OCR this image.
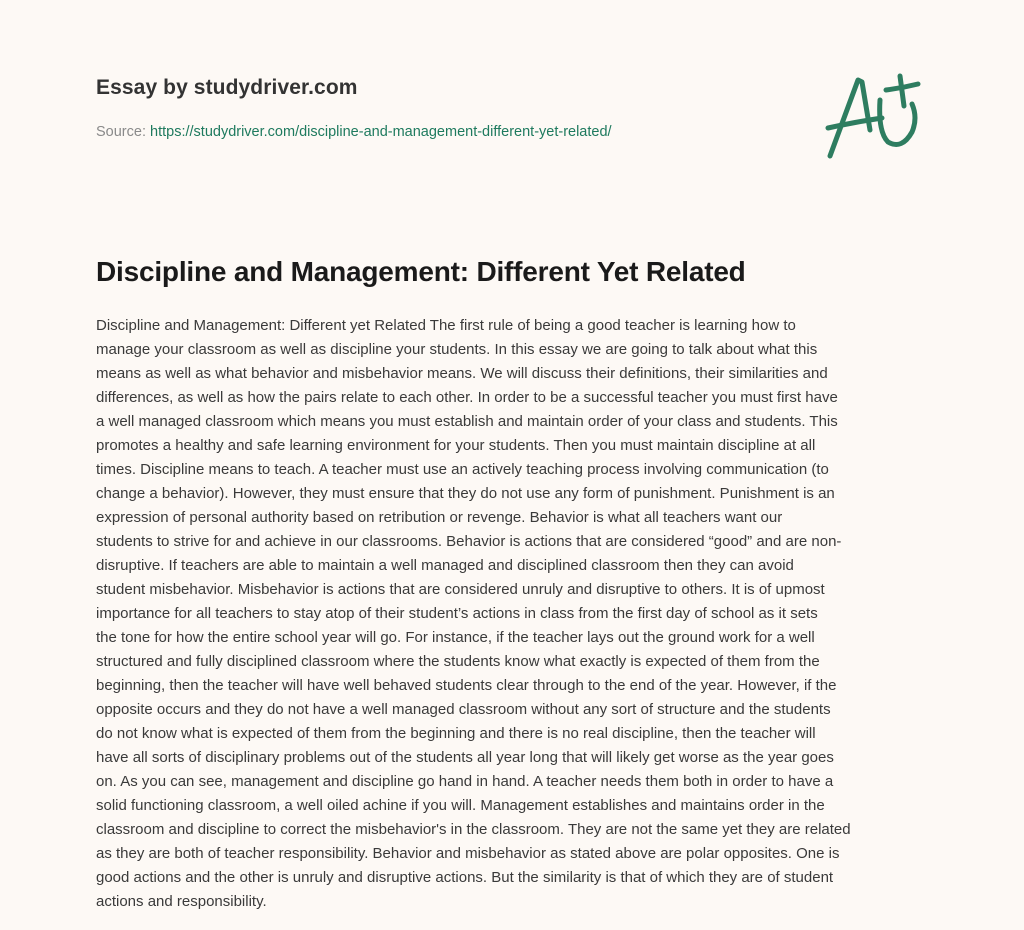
Essay by studydriver.com
Source: https://studydriver.com/discipline-and-management-different-yet-related/
Discipline and Management: Different Yet Related
Discipline and Management: Different yet Related The first rule of being a good teacher is learning how to
manage your classroom as well as discipline your students. In this essay we are going to talk about what this
means as well as what behavior and misbehavior means. We will discuss their definitions, their similarities and
differences, as well as how the pairs relate to each other. In order to be a successful teacher you must first have
a well managed classroom which means you must establish and maintain order of your class and students. This
promotes a healthy and safe learning environment for your students. Then you must maintain discipline at all
times. Discipline means to teach. A teacher must use an actively teaching process involving communication (to
change a behavior). However, they must ensure that they do not use any form of punishment. Punishment is an
expression of personal authority based on retribution or revenge. Behavior is what all teachers want our
students to strive for and achieve in our classrooms. Behavior is actions that are considered “good” and are non-
disruptive. If teachers are able to maintain a well managed and disciplined classroom then they can avoid
student misbehavior. Misbehavior is actions that are considered unruly and disruptive to others. It is of upmost
importance for all teachers to stay atop of their student’s actions in class from the first day of school as it sets
the tone for how the entire school year will go. For instance, if the teacher lays out the ground work for a well
structured and fully disciplined classroom where the students know what exactly is expected of them from the
beginning, then the teacher will have well behaved students clear through to the end of the year. However, if the
opposite occurs and they do not have a well managed classroom without any sort of structure and the students
do not know what is expected of them from the beginning and there is no real discipline, then the teacher will
have all sorts of disciplinary problems out of the students all year long that will likely get worse as the year goes
on. As you can see, management and discipline go hand in hand. A teacher needs them both in order to have a
solid functioning classroom, a well oiled achine if you will. Management establishes and maintains order in the
classroom and discipline to correct the misbehavior's in the classroom. They are not the same yet they are related
as they are both of teacher responsibility. Behavior and misbehavior as stated above are polar opposites. One is
good actions and the other is unruly and disruptive actions. But the similarity is that of which they are of student
actions and responsibility.
